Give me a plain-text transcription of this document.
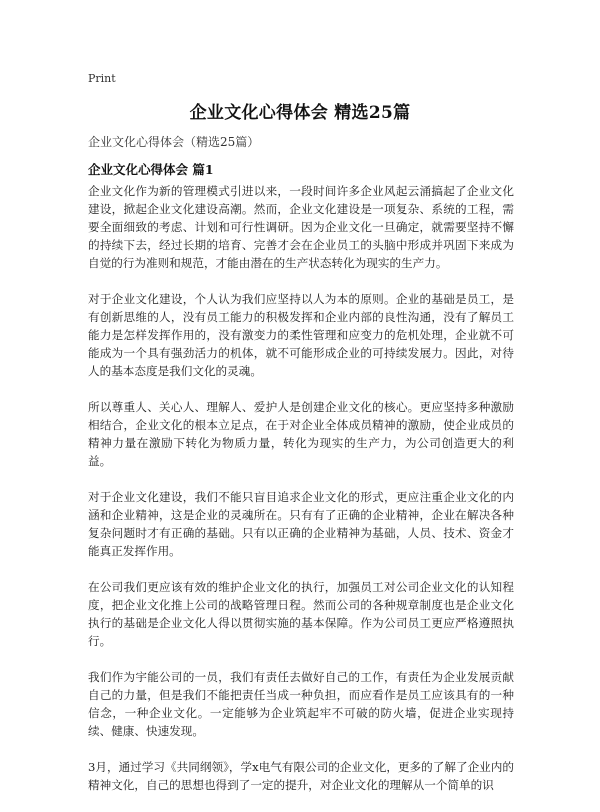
Print
企业文化心得体会 精选25篇
企业文化心得体会（精选25篇）
企业文化心得体会 篇1

企业文化作为新的管理模式引进以来，一段时间许多企业风起云涌搞起了企业文化建设，掀起企业文化建设高潮。然而，企业文化建设是一项复杂、系统的工程，需要全面细致的考虑、计划和可行性调研。因为企业文化一旦确定，就需要坚持不懈的持续下去，经过长期的培育、完善才会在企业员工的头脑中形成并巩固下来成为自觉的行为准则和规范，才能由潜在的生产状态转化为现实的生产力。

对于企业文化建设，个人认为我们应坚持以人为本的原则。企业的基础是员工，是有创新思维的人，没有员工能力的积极发挥和企业内部的良性沟通，没有了解员工能力是怎样发挥作用的，没有激变力的柔性管理和应变力的危机处理，企业就不可能成为一个具有强劲活力的机体，就不可能形成企业的可持续发展力。因此，对待人的基本态度是我们文化的灵魂。

所以尊重人、关心人、理解人、爱护人是创建企业文化的核心。更应坚持多种激励相结合，企业文化的根本立足点，在于对企业全体成员精神的激励，使企业成员的精神力量在激励下转化为物质力量，转化为现实的生产力，为公司创造更大的利益。

对于企业文化建设，我们不能只盲目追求企业文化的形式，更应注重企业文化的内涵和企业精神，这是企业的灵魂所在。只有有了正确的企业精神，企业在解决各种复杂问题时才有正确的基础。只有以正确的企业精神为基础，人员、技术、资金才能真正发挥作用。

在公司我们更应该有效的维护企业文化的执行，加强员工对公司企业文化的认知程度，把企业文化推上公司的战略管理日程。然而公司的各种规章制度也是企业文化执行的基础是企业文化人得以贯彻实施的基本保障。作为公司员工更应严格遵照执行。

我们作为宇能公司的一员，我们有责任去做好自己的工作，有责任为企业发展贡献自己的力量，但是我们不能把责任当成一种负担，而应看作是员工应该具有的一种信念，一种企业文化。一定能够为企业筑起牢不可破的防火墙，促进企业实现持续、健康、快速发现。

3月，通过学习《共同纲领》，学x电气有限公司的企业文化，更多的了解了企业内的精神文化，自己的思想也得到了一定的提升，对企业文化的理解从一个简单的识
